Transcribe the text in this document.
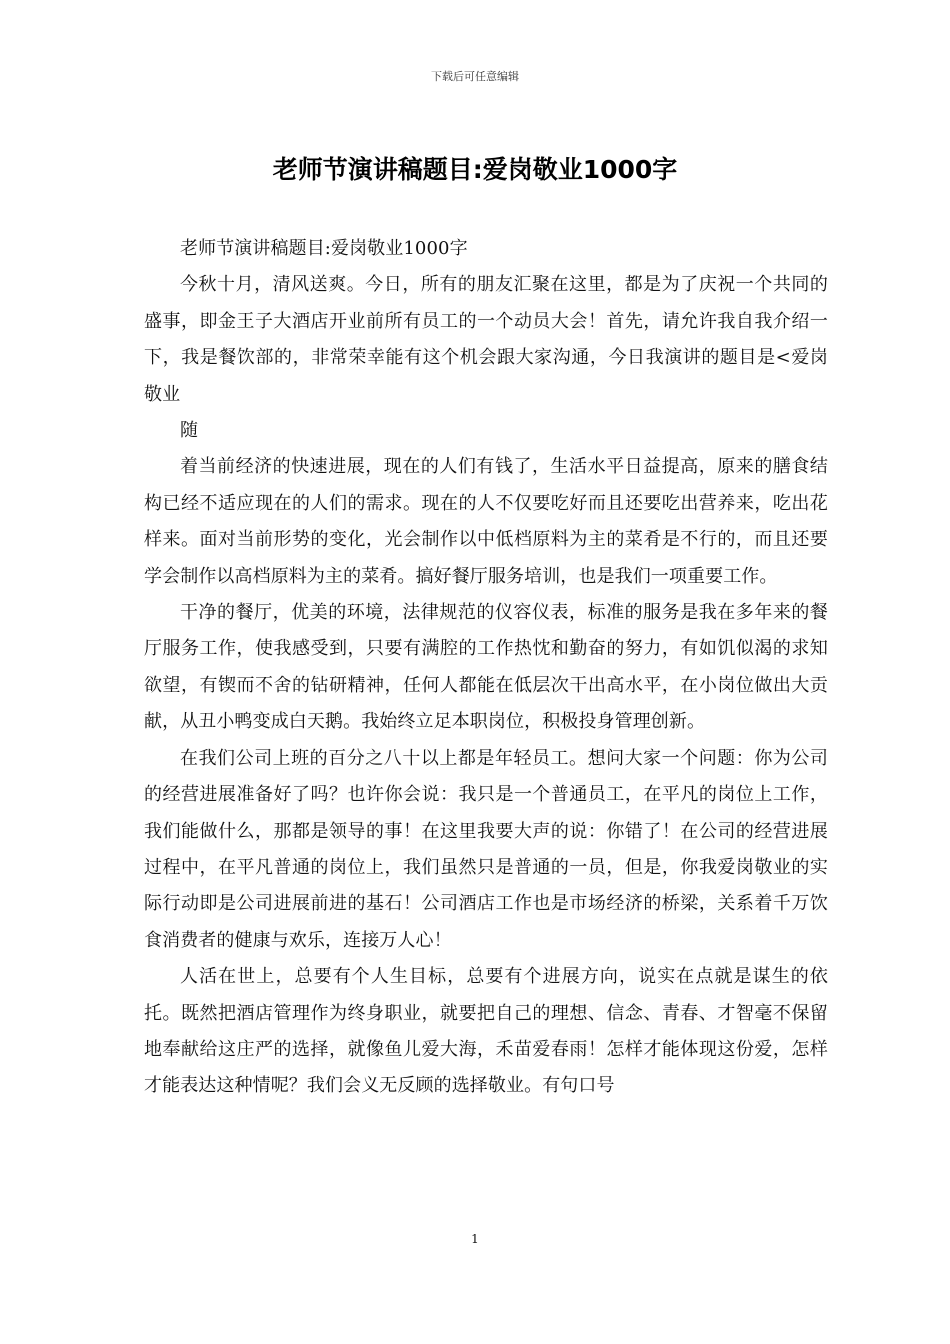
下载后可任意编辑
老师节演讲稿题目:爱岗敬业1000字

老师节演讲稿题目:爱岗敬业1000字

今秋十月，清风送爽。今日，所有的朋友汇聚在这里，都是为了庆祝一个共同的盛事，即金王子大酒店开业前所有员工的一个动员大会！首先，请允许我自我介绍一下，我是餐饮部的，非常荣幸能有这个机会跟大家沟通，今日我演讲的题目是<爱岗敬业

随

着当前经济的快速进展，现在的人们有钱了，生活水平日益提高，原来的膳食结构已经不适应现在的人们的需求。现在的人不仅要吃好而且还要吃出营养来，吃出花样来。面对当前形势的变化，光会制作以中低档原料为主的菜肴是不行的，而且还要学会制作以高档原料为主的菜肴。搞好餐厅服务培训，也是我们一项重要工作。

干净的餐厅，优美的环境，法律规范的仪容仪表，标准的服务是我在多年来的餐厅服务工作，使我感受到，只要有满腔的工作热忱和勤奋的努力，有如饥似渴的求知欲望，有锲而不舍的钻研精神，任何人都能在低层次干出高水平，在小岗位做出大贡献，从丑小鸭变成白天鹅。我始终立足本职岗位，积极投身管理创新。

在我们公司上班的百分之八十以上都是年轻员工。想问大家一个问题：你为公司的经营进展准备好了吗？也许你会说：我只是一个普通员工，在平凡的岗位上工作，我们能做什么，那都是领导的事！在这里我要大声的说：你错了！在公司的经营进展过程中，在平凡普通的岗位上，我们虽然只是普通的一员，但是，你我爱岗敬业的实际行动即是公司进展前进的基石！公司酒店工作也是市场经济的桥梁，关系着千万饮食消费者的健康与欢乐，连接万人心！

人活在世上，总要有个人生目标，总要有个进展方向，说实在点就是谋生的依托。既然把酒店管理作为终身职业，就要把自己的理想、信念、青春、才智毫不保留地奉献给这庄严的选择，就像鱼儿爱大海，禾苗爱春雨！怎样才能体现这份爱，怎样才能表达这种情呢？我们会义无反顾的选择敬业。有句口号

1
